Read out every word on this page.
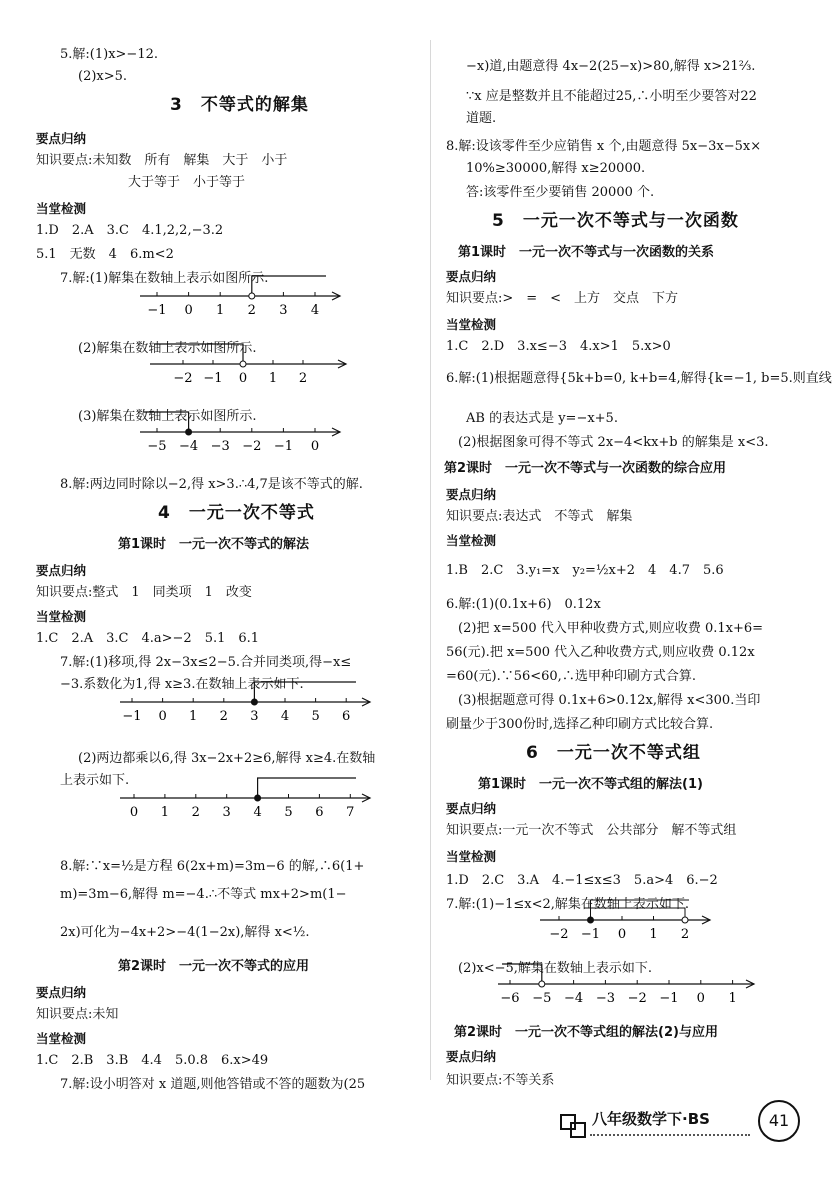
5.解:(1)x>−12.
(2)x>5.
3　不等式的解集
要点归纳
知识要点:未知数　所有　解集　大于　小于
大于等于　小于等于
当堂检测
1.D　2.A　3.C　4.1,2,2,−3.2
5.1　无数　4　6.m<2
7.解:(1)解集在数轴上表示如图所示.
(2)解集在数轴上表示如图所示.
(3)解集在数轴上表示如图所示.
8.解:两边同时除以−2,得 x>3.∴4,7是该不等式的解.
4　一元一次不等式
第1课时　一元一次不等式的解法
要点归纳
知识要点:整式　1　同类项　1　改变
当堂检测
1.C　2.A　3.C　4.a>−2　5.1　6.1
7.解:(1)移项,得 2x−3x≤2−5.合并同类项,得−x≤
−3.系数化为1,得 x≥3.在数轴上表示如下.
(2)两边都乘以6,得 3x−2x+2≥6,解得 x≥4.在数轴
上表示如下.
8.解:∵x=½是方程 6(2x+m)=3m−6 的解,∴6(1+
m)=3m−6,解得 m=−4.∴不等式 mx+2>m(1−
2x)可化为−4x+2>−4(1−2x),解得 x<½.
第2课时　一元一次不等式的应用
要点归纳
知识要点:未知
当堂检测
1.C　2.B　3.B　4.4　5.0.8　6.x>49
7.解:设小明答对 x 道题,则他答错或不答的题数为(25
−x)道,由题意得 4x−2(25−x)>80,解得 x>21⅔.
∵x 应是整数并且不能超过25,∴小明至少要答对22
道题.
8.解:设该零件至少应销售 x 个,由题意得 5x−3x−5x×
10%≥30000,解得 x≥20000.
答:该零件至少要销售 20000 个.
5　一元一次不等式与一次函数
第1课时　一元一次不等式与一次函数的关系
要点归纳
知识要点:>　=　<　上方　交点　下方
当堂检测
1.C　2.D　3.x≤−3　4.x>1　5.x>0
6.解:(1)根据题意得{5k+b=0, k+b=4,解得{k=−1, b=5.则直线
AB 的表达式是 y=−x+5.
(2)根据图象可得不等式 2x−4<kx+b 的解集是 x<3.
第2课时　一元一次不等式与一次函数的综合应用
要点归纳
知识要点:表达式　不等式　解集
当堂检测
1.B　2.C　3.y₁=x　y₂=½x+2　4　4.7　5.6
6.解:(1)(0.1x+6)　0.12x
(2)把 x=500 代入甲种收费方式,则应收费 0.1x+6=
56(元).把 x=500 代入乙种收费方式,则应收费 0.12x
=60(元).∵56<60,∴选甲种印刷方式合算.
(3)根据题意可得 0.1x+6>0.12x,解得 x<300.当印
刷量少于300份时,选择乙种印刷方式比较合算.
6　一元一次不等式组
第1课时　一元一次不等式组的解法(1)
要点归纳
知识要点:一元一次不等式　公共部分　解不等式组
当堂检测
1.D　2.C　3.A　4.−1≤x≤3　5.a>4　6.−2
7.解:(1)−1≤x<2,解集在数轴上表示如下.
(2)x<−5,解集在数轴上表示如下.
第2课时　一元一次不等式组的解法(2)与应用
要点归纳
知识要点:不等关系
−1 0 1 2 3 4
−2 −1 0 1 2
−5 −4 −3 −2 −1 0
−1 0 1 2 3 4 5 6
0 1 2 3 4 5 6 7
−2 −1 0 1 2
−6 −5 −4 −3 −2 −1 0 1
八年级数学下·BS	41
